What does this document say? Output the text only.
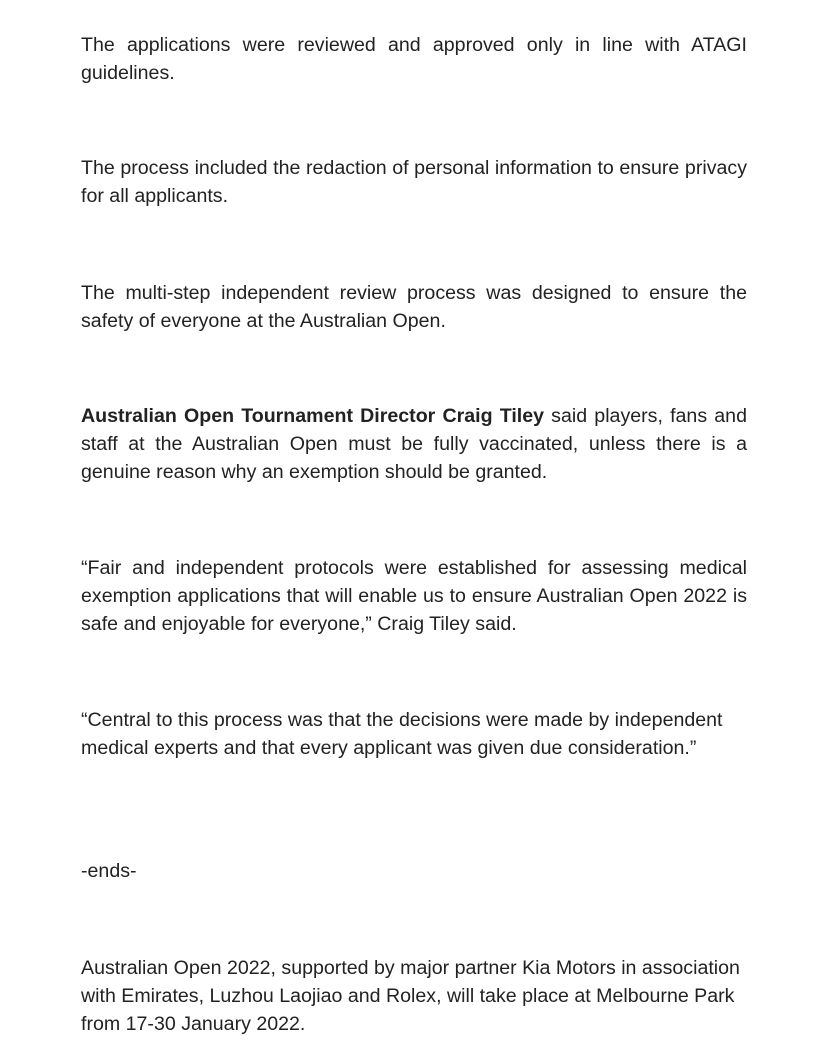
The applications were reviewed and approved only in line with ATAGI guidelines.

The process included the redaction of personal information to ensure privacy for all applicants.

The multi-step independent review process was designed to ensure the safety of everyone at the Australian Open.

Australian Open Tournament Director Craig Tiley said players, fans and staff at the Australian Open must be fully vaccinated, unless there is a genuine reason why an exemption should be granted.

“Fair and independent protocols were established for assessing medical exemption applications that will enable us to ensure Australian Open 2022 is safe and enjoyable for everyone,” Craig Tiley said.

“Central to this process was that the decisions were made by independent medical experts and that every applicant was given due consideration.”

-ends-

Australian Open 2022, supported by major partner Kia Motors in association with Emirates, Luzhou Laojiao and Rolex, will take place at Melbourne Park from 17-30 January 2022.
